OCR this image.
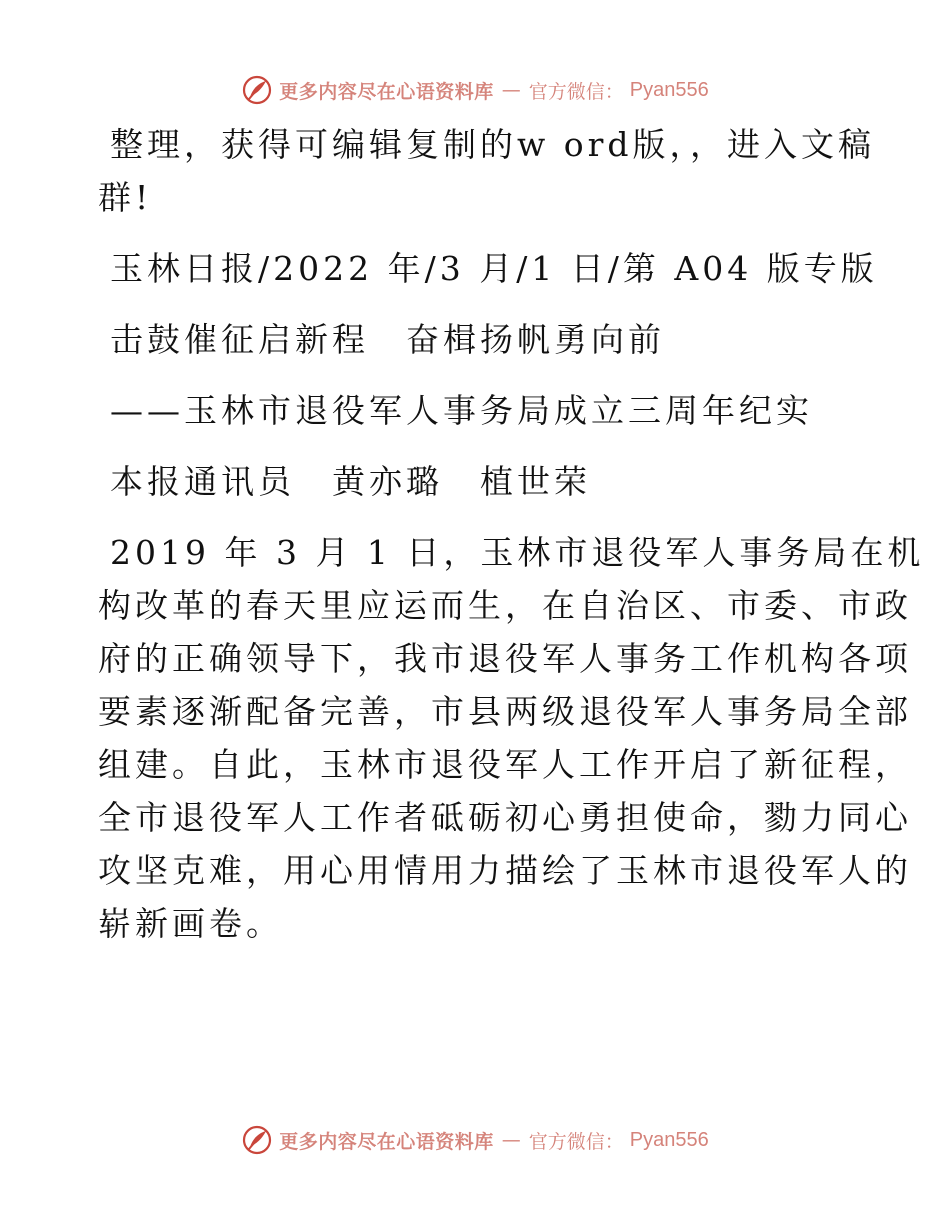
更多内容尽在心语资料库 — 官方微信： Pyan556

整理，获得可编辑复制的w ord版，，进入文稿

群!

玉林日报/2022 年/3 月/1 日/第 A04 版专版

击鼓催征启新程　奋楫扬帆勇向前

——玉林市退役军人事务局成立三周年纪实

本报通讯员　黄亦璐　植世荣

2019 年 3 月 1 日，玉林市退役军人事务局在机
构改革的春天里应运而生，在自治区、市委、市政
府的正确领导下，我市退役军人事务工作机构各项
要素逐渐配备完善，市县两级退役军人事务局全部
组建。自此，玉林市退役军人工作开启了新征程，
全市退役军人工作者砥砺初心勇担使命，勠力同心
攻坚克难，用心用情用力描绘了玉林市退役军人的
崭新画卷。
更多内容尽在心语资料库 — 官方微信： Pyan556
